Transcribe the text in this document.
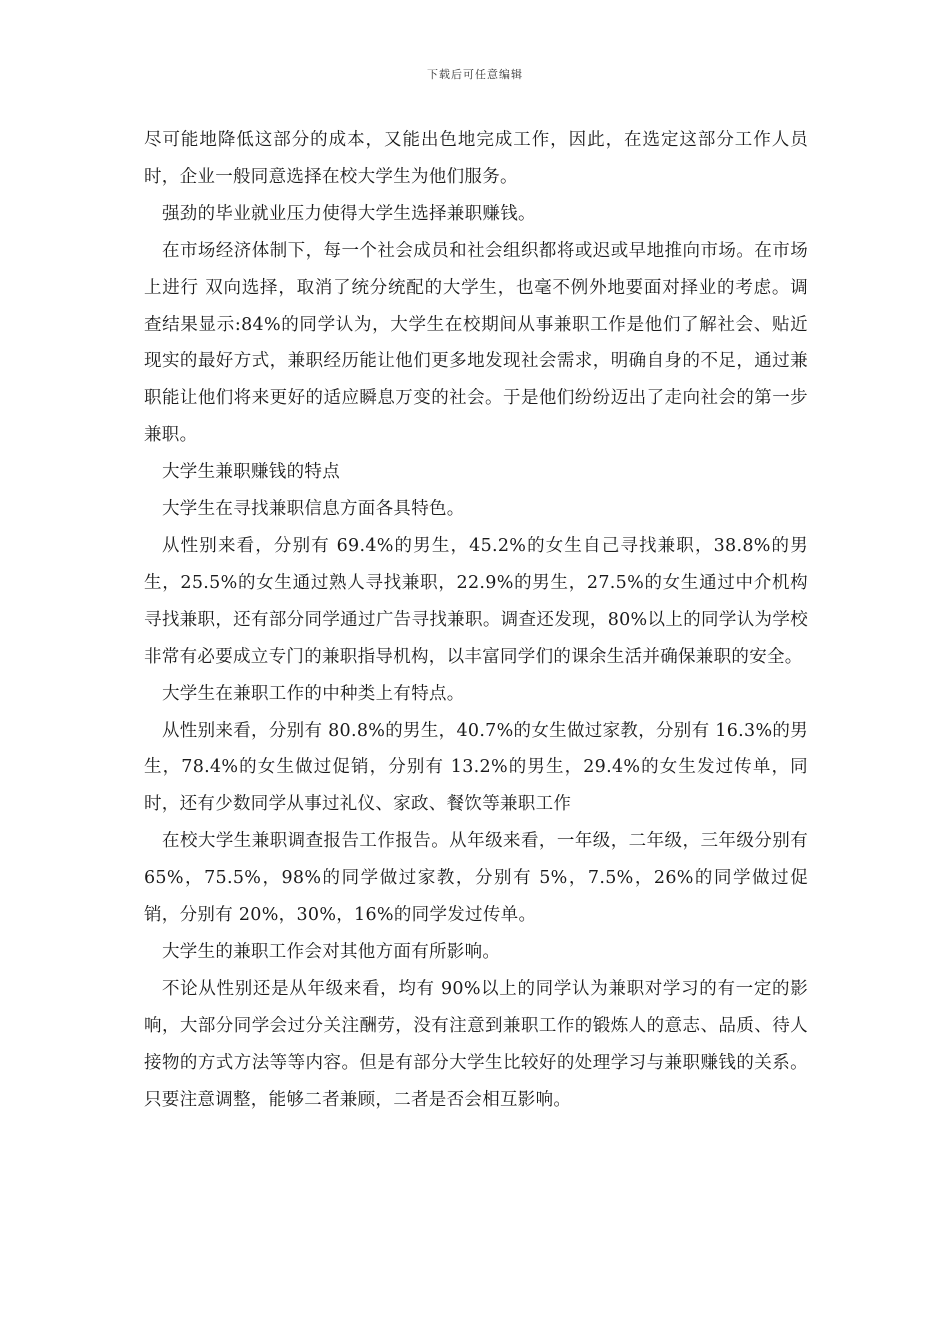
下载后可任意编辑

尽可能地降低这部分的成本，又能出色地完成工作，因此，在选定这部分工作人员时，企业一般同意选择在校大学生为他们服务。

强劲的毕业就业压力使得大学生选择兼职赚钱。

在市场经济体制下，每一个社会成员和社会组织都将或迟或早地推向市场。在市场上进行 双向选择，取消了统分统配的大学生，也毫不例外地要面对择业的考虑。调查结果显示:84%的同学认为，大学生在校期间从事兼职工作是他们了解社会、贴近现实的最好方式，兼职经历能让他们更多地发现社会需求，明确自身的不足，通过兼职能让他们将来更好的适应瞬息万变的社会。于是他们纷纷迈出了走向社会的第一步 兼职。

大学生兼职赚钱的特点

大学生在寻找兼职信息方面各具特色。

从性别来看，分别有 69.4%的男生，45.2%的女生自己寻找兼职，38.8%的男生，25.5%的女生通过熟人寻找兼职，22.9%的男生，27.5%的女生通过中介机构寻找兼职，还有部分同学通过广告寻找兼职。调查还发现，80%以上的同学认为学校非常有必要成立专门的兼职指导机构，以丰富同学们的课余生活并确保兼职的安全。

大学生在兼职工作的中种类上有特点。

从性别来看，分别有 80.8%的男生，40.7%的女生做过家教，分别有 16.3%的男生，78.4%的女生做过促销，分别有 13.2%的男生，29.4%的女生发过传单，同时，还有少数同学从事过礼仪、家政、餐饮等兼职工作

在校大学生兼职调查报告工作报告。从年级来看，一年级，二年级，三年级分别有 65%，75.5%，98%的同学做过家教，分别有 5%，7.5%，26%的同学做过促销，分别有 20%，30%，16%的同学发过传单。

大学生的兼职工作会对其他方面有所影响。

不论从性别还是从年级来看，均有 90%以上的同学认为兼职对学习的有一定的影响，大部分同学会过分关注酬劳，没有注意到兼职工作的锻炼人的意志、品质、待人接物的方式方法等等内容。但是有部分大学生比较好的处理学习与兼职赚钱的关系。只要注意调整，能够二者兼顾，二者是否会相互影响。
